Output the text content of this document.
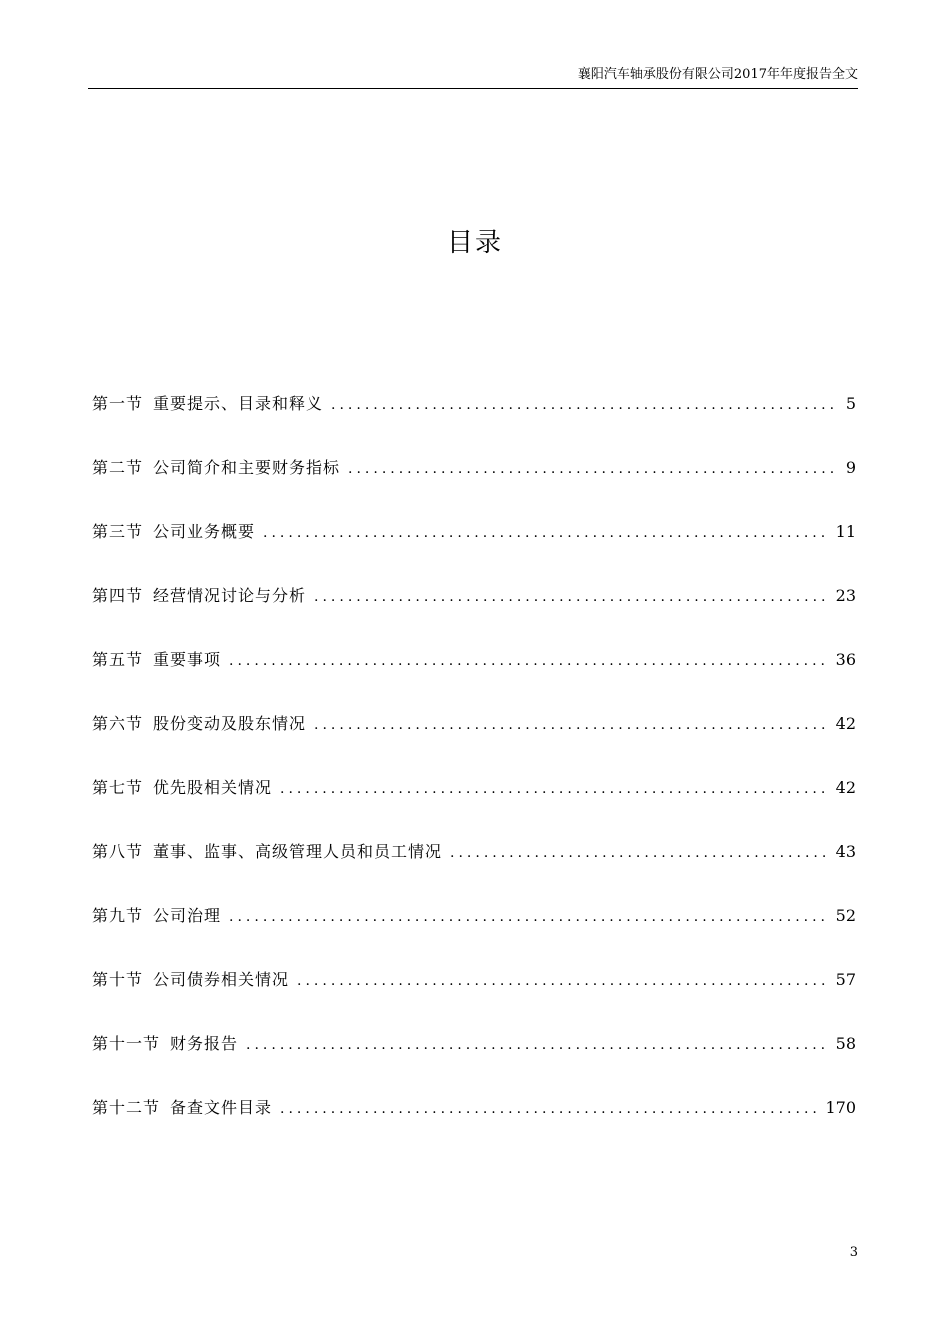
襄阳汽车轴承股份有限公司2017年年度报告全文
目录
第一节 重要提示、目录和释义 .....	5
第二节 公司简介和主要财务指标 .....	9
第三节 公司业务概要 .....	11
第四节 经营情况讨论与分析 .....	23
第五节 重要事项 .....	36
第六节 股份变动及股东情况 .....	42
第七节 优先股相关情况 .....	42
第八节 董事、监事、高级管理人员和员工情况 .....	43
第九节 公司治理 .....	52
第十节 公司债券相关情况 .....	57
第十一节 财务报告 .....	58
第十二节 备查文件目录 .....	170
3
